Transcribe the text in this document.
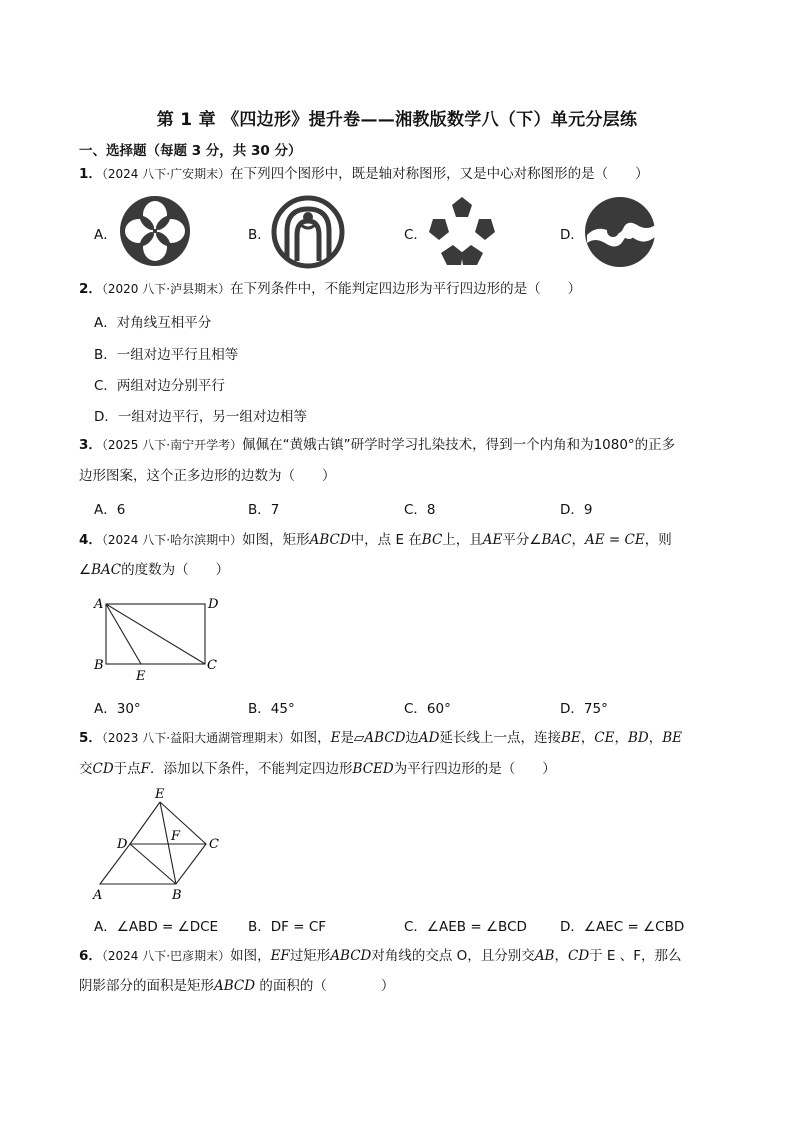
第 1 章 《四边形》提升卷——湘教版数学八（下）单元分层练
一、选择题（每题 3 分，共 30 分）
1．（2024 八下·广安期末）在下列四个图形中，既是轴对称图形，又是中心对称图形的是（　　）
A．	B．	C．	D．
2．（2020 八下·泸县期末）在下列条件中，不能判定四边形为平行四边形的是（　　）
A．对角线互相平分
B．一组对边平行且相等
C．两组对边分别平行
D．一组对边平行，另一组对边相等
3．（2025 八下·南宁开学考）佩佩在“黄娥古镇”研学时学习扎染技术，得到一个内角和为1080°的正多
边形图案，这个正多边形的边数为（　　）
A．6	B．7	C．8	D．9
4．（2024 八下·哈尔滨期中）如图，矩形ABCD中，点 E 在BC上，且AE平分∠BAC，AE = CE，则
∠BAC的度数为（　　）
A	D
B	C
E
A．30°	B．45°	C．60°	D．75°
5．（2023 八下·益阳大通湖管理期末）如图，E是▱ABCD边AD延长线上一点，连接BE，CE，BD，BE
交CD于点F．添加以下条件，不能判定四边形BCED为平行四边形的是（　　）
E
D
F
C
A	B
A．∠ABD = ∠DCE B．DF = CF	C．∠AEB = ∠BCD D．∠AEC = ∠CBD
6．（2024 八下·巴彦期末）如图，EF过矩形ABCD对角线的交点 O，且分别交AB，CD于 E 、F，那么
阴影部分的面积是矩形ABCD 的面积的（　　　　）
